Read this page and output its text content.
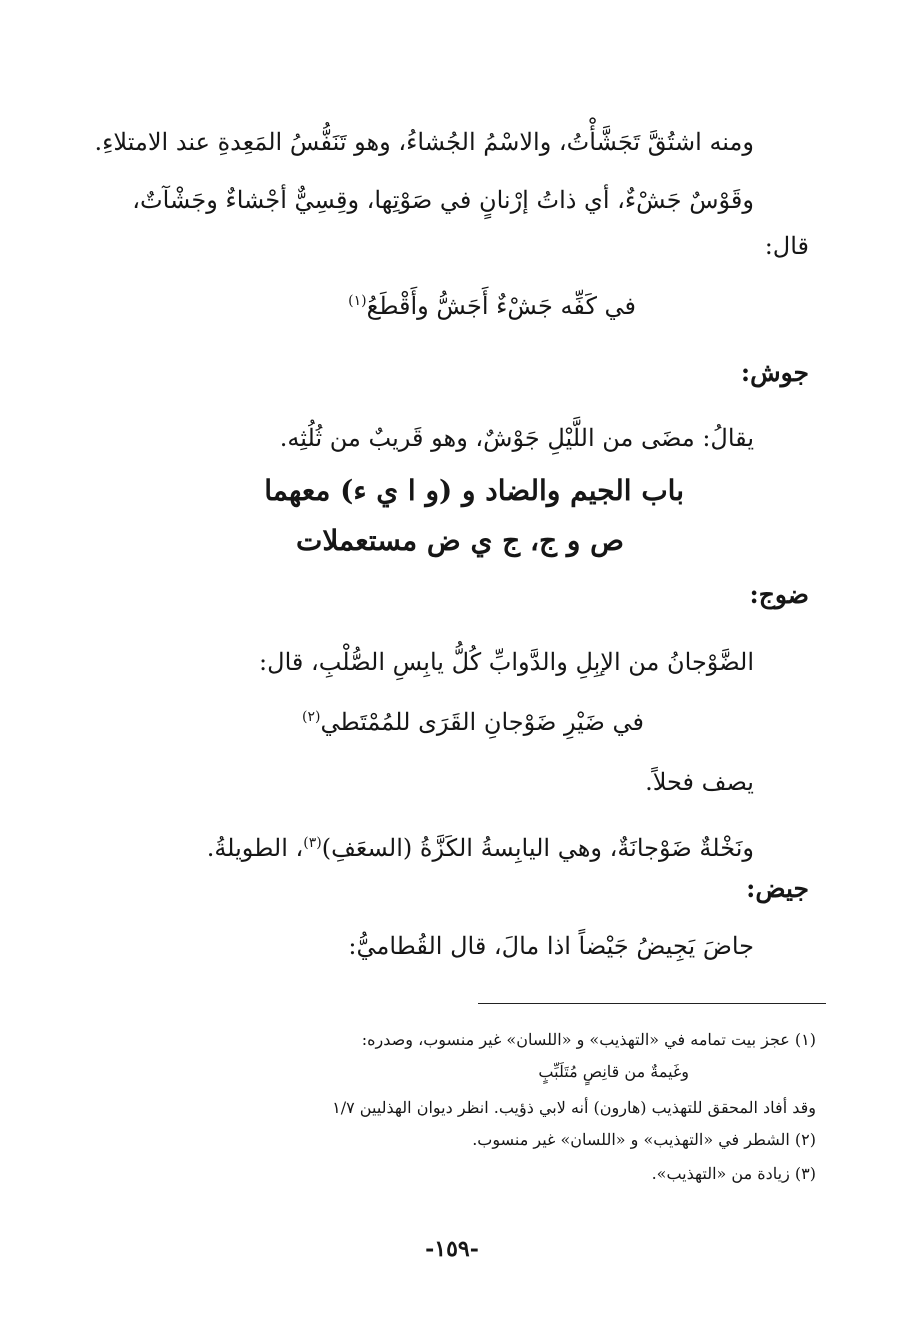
ومنه اشتُقَّ تَجَشَّأْتُ، والاسْمُ الجُشاءُ، وهو تَنَفُّسُ المَعِدةِ عند الامتلاءِ.

وقَوْسٌ جَشْءٌ، أي ذاتُ إرْنانٍ في صَوْتِها، وقِسِيٌّ أجْشاءٌ وجَشْآتٌ،

قال:

في كَفِّه جَشْءٌ أَجَشُّ وأَقْطَعُ$^{(١)}$

جوش:

يقالُ: مضَى من اللَّيْلِ جَوْشٌ، وهو قَريبٌ من ثُلُثِه.

باب الجيم والضاد و (و ا ي ء) معهما

ص و ج، ج ي ض مستعملات

ضوج:

الضَّوْجانُ من الإبِلِ والدَّوابِّ كُلُّ يابِسِ الصُّلْبِ، قال:

في ضَيْرِ ضَوْجانِ القَرَى للمُمْتَطي$^{(٢)}$

يصف فحلاً.

ونَخْلةٌ ضَوْجانَةٌ، وهي اليابِسةُ الكَزَّةُ (السعَفِ)$^{(٣)}$، الطويلةُ.

جيض:

جاضَ يَجِيضُ جَيْضاً اذا مالَ، قال القُطاميُّ:

(١) عجز بيت تمامه في «التهذيب» و «اللسان» غير منسوب، وصدره:

وغَيمةٌ من قانِصٍ مُتَلَبِّبٍ

وقد أفاد المحقق للتهذيب (هارون) أنه لابي ذؤيب. انظر ديوان الهذليين ١/٧

(٢) الشطر في «التهذيب» و «اللسان» غير منسوب.

(٣) زيادة من «التهذيب».

-١٥٩-
